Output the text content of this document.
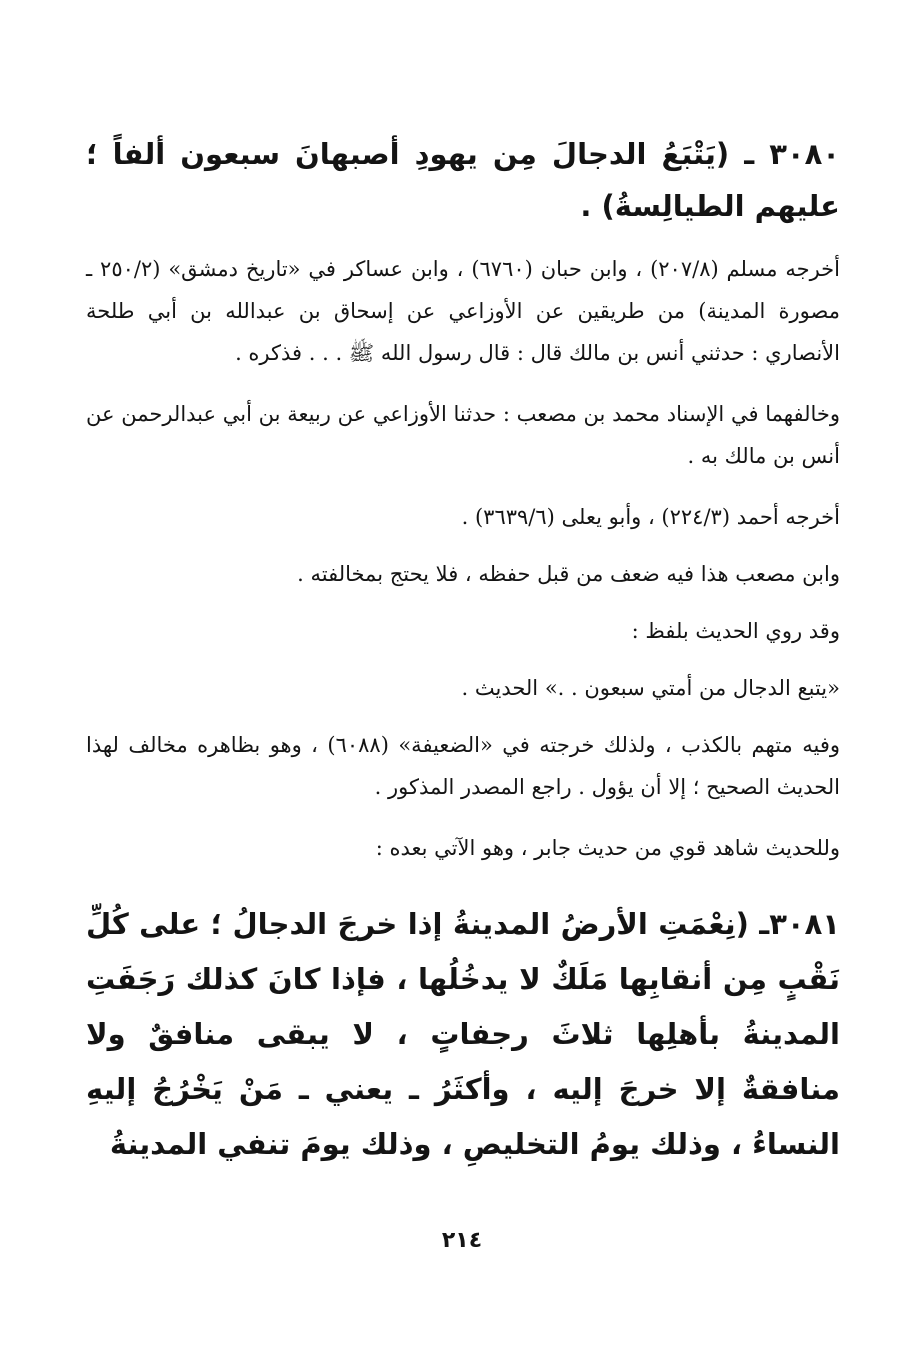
٣٠٨٠ ـ (يَتْبَعُ الدجالَ مِن يهودِ أصبهانَ سبعون ألفاً ؛ عليهم الطيالِسةُ) .

أخرجه مسلم (٢٠٧/٨) ، وابن حبان (٦٧٦٠) ، وابن عساكر في «تاريخ دمشق» (٢٥٠/٢ ـ مصورة المدينة) من طريقين عن الأوزاعي عن إسحاق بن عبدالله بن أبي طلحة الأنصاري : حدثني أنس بن مالك قال : قال رسول الله ﷺ . . . فذكره .

وخالفهما في الإسناد محمد بن مصعب : حدثنا الأوزاعي عن ربيعة بن أبي عبدالرحمن عن أنس بن مالك به .

أخرجه أحمد (٢٢٤/٣) ، وأبو يعلى (٣٦٣٩/٦) .

وابن مصعب هذا فيه ضعف من قبل حفظه ، فلا يحتج بمخالفته .

وقد روي الحديث بلفظ :

«يتبع الدجال من أمتي سبعون . .» الحديث .

وفيه متهم بالكذب ، ولذلك خرجته في «الضعيفة» (٦٠٨٨) ، وهو بظاهره مخالف لهذا الحديث الصحيح ؛ إلا أن يؤول . راجع المصدر المذكور .

وللحديث شاهد قوي من حديث جابر ، وهو الآتي بعده :

٣٠٨١ـ (نِعْمَتِ الأرضُ المدينةُ إذا خرجَ الدجالُ ؛ على كُلِّ نَقْبٍ مِن أنقابِها مَلَكٌ لا يدخُلُها ، فإذا كانَ كذلك رَجَفَتِ المدينةُ بأهلِها ثلاثَ رجفاتٍ ، لا يبقى منافقٌ ولا منافقةٌ إلا خرجَ إليه ، وأكثَرُ ـ يعني ـ مَنْ يَخْرُجُ إليهِ النساءُ ، وذلك يومُ التخليصِ ، وذلك يومَ تنفي المدينةُ
٢١٤
